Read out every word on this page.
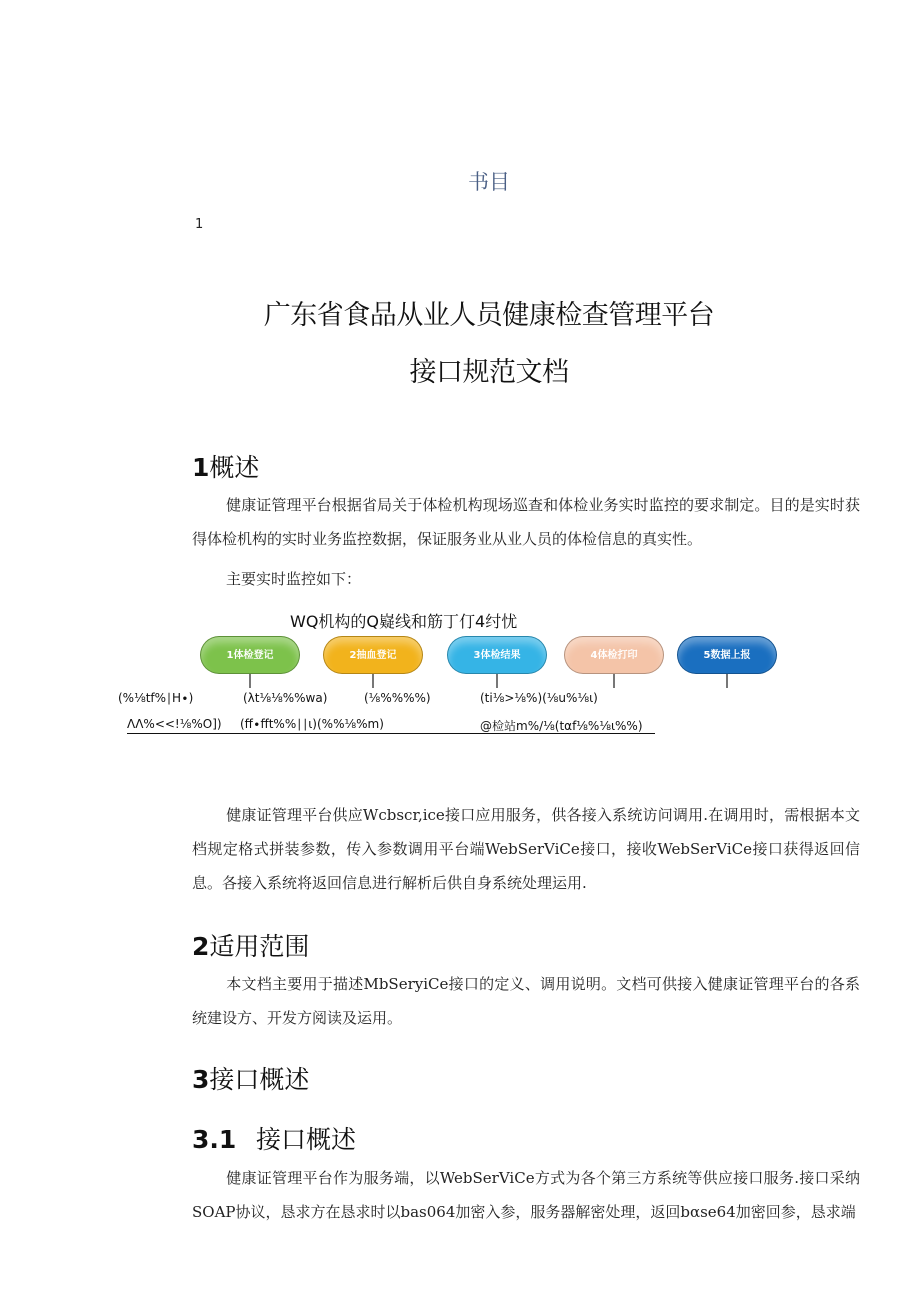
书目
1
广东省食品从业人员健康检查管理平台
接口规范文档
1概述
健康证管理平台根据省局关于体检机构现场巡查和体检业务实时监控的要求制定。目的是实时获得体检机构的实时业务监控数据，保证服务业从业人员的体检信息的真实性。
主要实时监控如下：
WQ机构的Q嶷线和筋丁仃4纣忧
1体检登记	2抽血登记	3体检结果	4体检打印	5数据上报
(%⅛tf%∣H∙)	(λt⅛⅛%%wa)	(⅛%%%%)	(ti⅛>⅛%)(⅛u%⅛ι)
ΛΛ%<<!⅛%O]) (ff∙fft%%∣∣ι)(%%⅛%m)	@检站m%∕⅛(tαf⅛%⅛ι%%)
健康证管理平台供应Wcbscr,ice接口应用服务，供各接入系统访问调用.在调用时，需根据本文档规定格式拼装参数，传入参数调用平台端WebSerViCe接口，接收WebSerViCe接口获得返回信息。各接入系统将返回信息进行解析后供自身系统处理运用.
2适用范围
本文档主要用于描述MbSeryiCe接口的定义、调用说明。文档可供接入健康证管理平台的各系统建设方、开发方阅读及运用。
3接口概述
3.1 接口概述
健康证管理平台作为服务端，以WebSerViCe方式为各个第三方系统等供应接口服务.接口采纳SOAP协议，恳求方在恳求时以bas064加密入参，服务器解密处理，返回bαse64加密回参，恳求端
